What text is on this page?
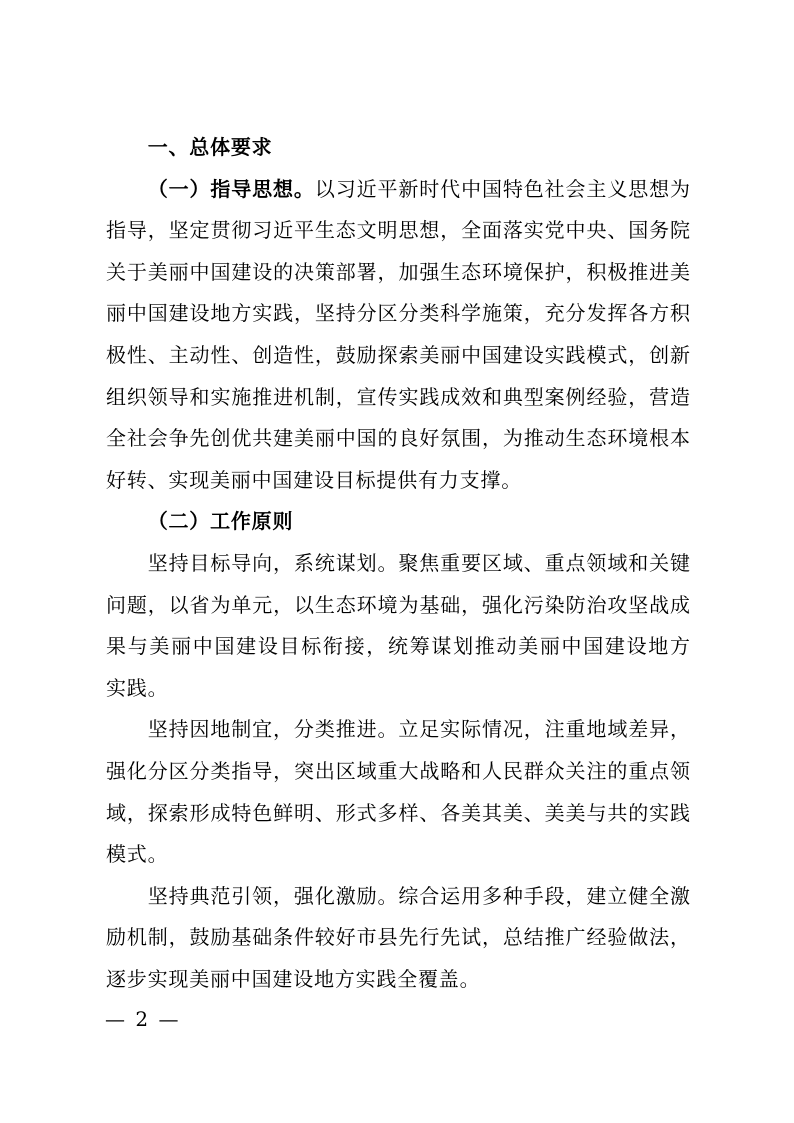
一、总体要求
（一）指导思想。以习近平新时代中国特色社会主义思想为
指导，坚定贯彻习近平生态文明思想，全面落实党中央、国务院
关于美丽中国建设的决策部署，加强生态环境保护，积极推进美
丽中国建设地方实践，坚持分区分类科学施策，充分发挥各方积
极性、主动性、创造性，鼓励探索美丽中国建设实践模式，创新
组织领导和实施推进机制，宣传实践成效和典型案例经验，营造
全社会争先创优共建美丽中国的良好氛围，为推动生态环境根本
好转、实现美丽中国建设目标提供有力支撑。
（二）工作原则
坚持目标导向，系统谋划。聚焦重要区域、重点领域和关键
问题，以省为单元，以生态环境为基础，强化污染防治攻坚战成
果与美丽中国建设目标衔接，统筹谋划推动美丽中国建设地方
实践。
坚持因地制宜，分类推进。立足实际情况，注重地域差异，
强化分区分类指导，突出区域重大战略和人民群众关注的重点领
域，探索形成特色鲜明、形式多样、各美其美、美美与共的实践
模式。
坚持典范引领，强化激励。综合运用多种手段，建立健全激
励机制，鼓励基础条件较好市县先行先试，总结推广经验做法，
逐步实现美丽中国建设地方实践全覆盖。
— 2 —
